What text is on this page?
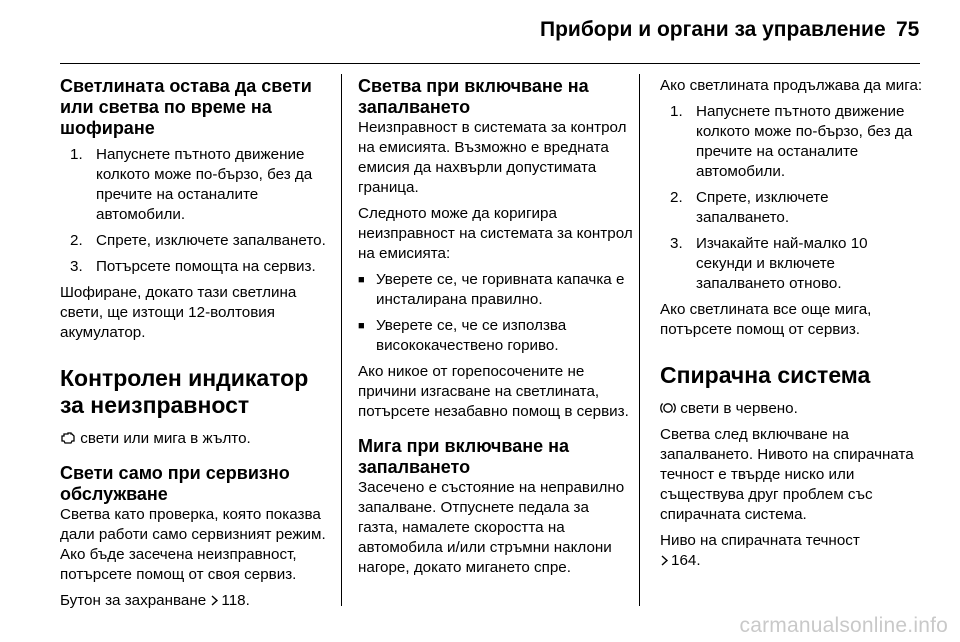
Прибори и органи за управление 75
Светлината остава да свети или светва по време на шофиране
1. Напуснете пътното движение колкото може по-бързо, без да пречите на останалите автомобили.
2. Спрете, изключете запалването.
3. Потърсете помощта на сервиз.

Шофиране, докато тази светлина свети, ще изтощи 12-волтовия акумулатор.

Контролен индикатор за неизправност

свети или мига в жълто.

Свети само при сервизно обслужване

Светва като проверка, която показва дали работи само сервизният режим. Ако бъде засечена неизправност, потърсете помощ от своя сервиз.

Бутон за захранване 118.

Светва при включване на запалването

Неизправност в системата за контрол на емисията. Възможно е вредната емисия да нахвърли допустимата граница.

Следното може да коригира неизправност на системата за контрол на емисията:

■ Уверете се, че горивната капачка е инсталирана правилно.
■ Уверете се, че се използва висококачествено гориво.

Ако никое от горепосочените не причини изгасване на светлината, потърсете незабавно помощ в сервиз.

Мига при включване на запалването

Засечено е състояние на неправилно запалване. Отпуснете педала за газта, намалете скоростта на автомобила и/или стръмни наклони нагоре, докато мигането спре.

Ако светлината продължава да мига:

1. Напуснете пътното движение колкото може по-бързо, без да пречите на останалите автомобили.
2. Спрете, изключете запалването.
3. Изчакайте най-малко 10 секунди и включете запалването отново.

Ако светлината все още мига, потърсете помощ от сервиз.

Спирачна система

свети в червено.

Светва след включване на запалването. Нивото на спирачната течност е твърде ниско или съществува друг проблем със спирачната система.

Ниво на спирачната течност
164.

carmanualsonline.info
